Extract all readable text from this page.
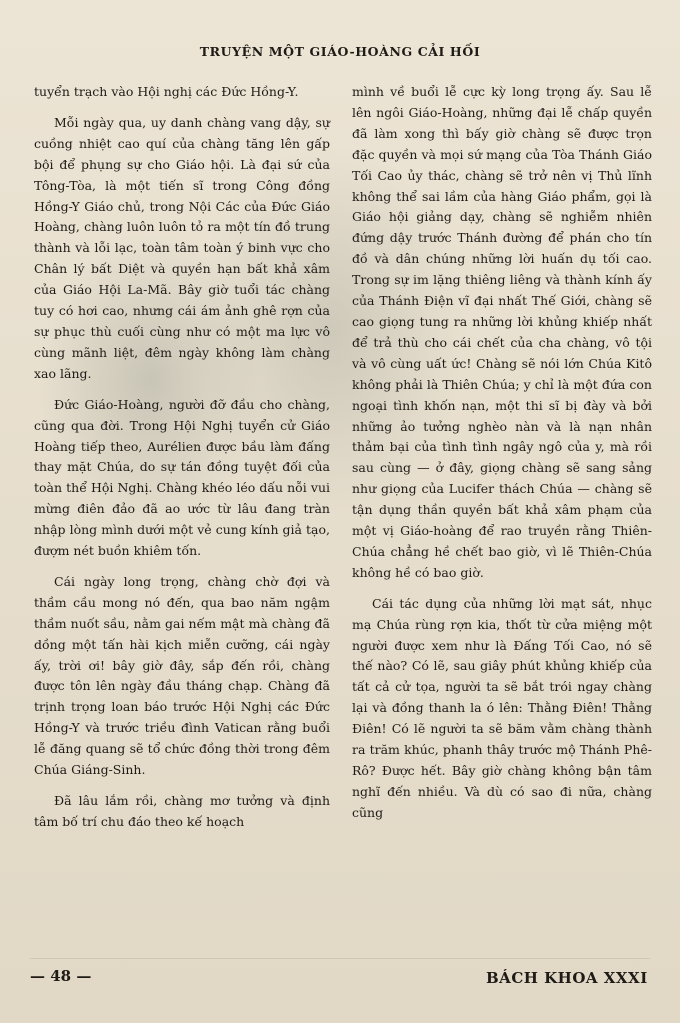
TRUYỆN MỘT GIÁO-HOÀNG CẢI HỐI

tuyển trạch vào Hội nghị các Đức Hồng-Y.

Mỗi ngày qua, uy danh chàng vang dậy, sự cuồng nhiệt cao quí của chàng tăng lên gấp bội để phụng sự cho Giáo hội. Là đại sứ của Tông-Tòa, là một tiến sĩ trong Công đồng Hồng-Y Giáo chủ, trong Nội Các của Đức Giáo Hoàng, chàng luôn luôn tỏ ra một tín đồ trung thành và lỗi lạc, toàn tâm toàn ý binh vực cho Chân lý bất Diệt và quyền hạn bất khả xâm của Giáo Hội La-Mã. Bây giờ tuổi tác chàng tuy có hơi cao, nhưng cái ám ảnh ghê rợn của sự phục thù cuối cùng như có một ma lực vô cùng mãnh liệt, đêm ngày không làm chàng xao lãng.

Đức Giáo-Hoàng, người đỡ đầu cho chàng, cũng qua đời. Trong Hội Nghị tuyển cử Giáo Hoàng tiếp theo, Aurélien được bầu làm đấng thay mặt Chúa, do sự tán đồng tuyệt đối của toàn thể Hội Nghị. Chàng khéo léo dấu nỗi vui mừng điên đảo đã ao ước từ lâu đang tràn nhập lòng mình dưới một vẻ cung kính giả tạo, đượm nét buồn khiêm tốn.

Cái ngày long trọng, chàng chờ đợi và thầm cầu mong nó đến, qua bao năm ngậm thầm nuốt sầu, nằm gai nếm mật mà chàng đã dồng một tấn hài kịch miễn cưỡng, cái ngày ấy, trời ơi! bây giờ đây, sắp đến rồi, chàng được tôn lên ngày đầu tháng chạp. Chàng đã trịnh trọng loan báo trước Hội Nghị các Đức Hồng-Y và trước triều đình Vatican rằng buổi lễ đăng quang sẽ tổ chức đồng thời trong đêm Chúa Giáng-Sinh.

Đã lâu lắm rồi, chàng mơ tưởng và định tâm bố trí chu đáo theo kế hoạch

mình về buổi lễ cực kỳ long trọng ấy. Sau lễ lên ngôi Giáo-Hoàng, những đại lễ chấp quyền đã làm xong thì bấy giờ chàng sẽ được trọn đặc quyền và mọi sứ mạng của Tòa Thánh Giáo Tối Cao ủy thác, chàng sẽ trở nên vị Thủ lĩnh không thể sai lầm của hàng Giáo phẩm, gọi là Giáo hội giảng dạy, chàng sẽ nghiễm nhiên đứng dậy trước Thánh đường để phán cho tín đồ và dân chúng những lời huấn dụ tối cao. Trong sự im lặng thiêng liêng và thành kính ấy của Thánh Điện vĩ đại nhất Thế Giới, chàng sẽ cao giọng tung ra những lời khủng khiếp nhất để trả thù cho cái chết của cha chàng, vô tội và vô cùng uất ức! Chàng sẽ nói lớn Chúa Kitô không phải là Thiên Chúa; y chỉ là một đứa con ngoại tình khốn nạn, một thi sĩ bị đày và bởi những ảo tưởng nghèo nàn và là nạn nhân thảm bại của tình tình ngây ngô của y, mà rồi sau cùng — ở đây, giọng chàng sẽ sang sảng như giọng của Lucifer thách Chúa — chàng sẽ tận dụng thần quyền bất khả xâm phạm của một vị Giáo-hoàng để rao truyền rằng Thiên-Chúa chẳng hề chết bao giờ, vì lẽ Thiên-Chúa không hề có bao giờ.

Cái tác dụng của những lời mạt sát, nhục mạ Chúa rùng rợn kia, thốt từ cửa miệng một người được xem như là Đấng Tối Cao, nó sẽ thế nào? Có lẽ, sau giây phút khủng khiếp của tất cả cử tọa, người ta sẽ bắt trói ngay chàng lại và đồng thanh la ó lên: Thằng Điên! Thằng Điên! Có lẽ người ta sẽ băm vằm chàng thành ra trăm khúc, phanh thây trước mộ Thánh Phê-Rô? Được hết. Bây giờ chàng không bận tâm nghĩ đến nhiều. Và dù có sao đi nữa, chàng cũng

— 48 —	BÁCH KHOA XXXI
